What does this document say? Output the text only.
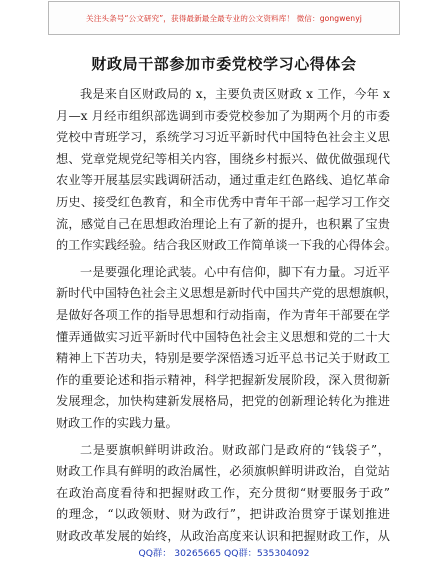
关注头条号“公文研究”，获得最新最全最专业的公文资料库！ 微信：gongwenyj
财政局干部参加市委党校学习心得体会
我是来自区财政局的 x，主要负责区财政 x 工作，今年 x
月—x 月经市组织部选调到市委党校参加了为期两个月的市委
党校中青班学习，系统学习习近平新时代中国特色社会主义思
想、党章党规党纪等相关内容，围绕乡村振兴、做优做强现代
农业等开展基层实践调研活动，通过重走红色路线、追忆革命
历史、接受红色教育，和全市优秀中青年干部一起学习工作交
流，感觉自己在思想政治理论上有了新的提升，也积累了宝贵
的工作实践经验。结合我区财政工作简单谈一下我的心得体会。
一是要强化理论武装。心中有信仰，脚下有力量。习近平
新时代中国特色社会主义思想是新时代中国共产党的思想旗帜，
是做好各项工作的指导思想和行动指南，作为青年干部要在学
懂弄通做实习近平新时代中国特色社会主义思想和党的二十大
精神上下苦功夫，特别是要学深悟透习近平总书记关于财政工
作的重要论述和指示精神，科学把握新发展阶段，深入贯彻新
发展理念，加快构建新发展格局，把党的创新理论转化为推进
财政工作的实践力量。
二是要旗帜鲜明讲政治。财政部门是政府的“钱袋子”，
财政工作具有鲜明的政治属性，必须旗帜鲜明讲政治，自觉站
在政治高度看待和把握财政工作，充分贯彻“财要服务于政”
的理念，“以政领财、财为政行”，把讲政治贯穿于谋划推进
财政改革发展的始终，从政治高度来认识和把握财政工作，从
QQ群： 30265665 QQ群：535304092
